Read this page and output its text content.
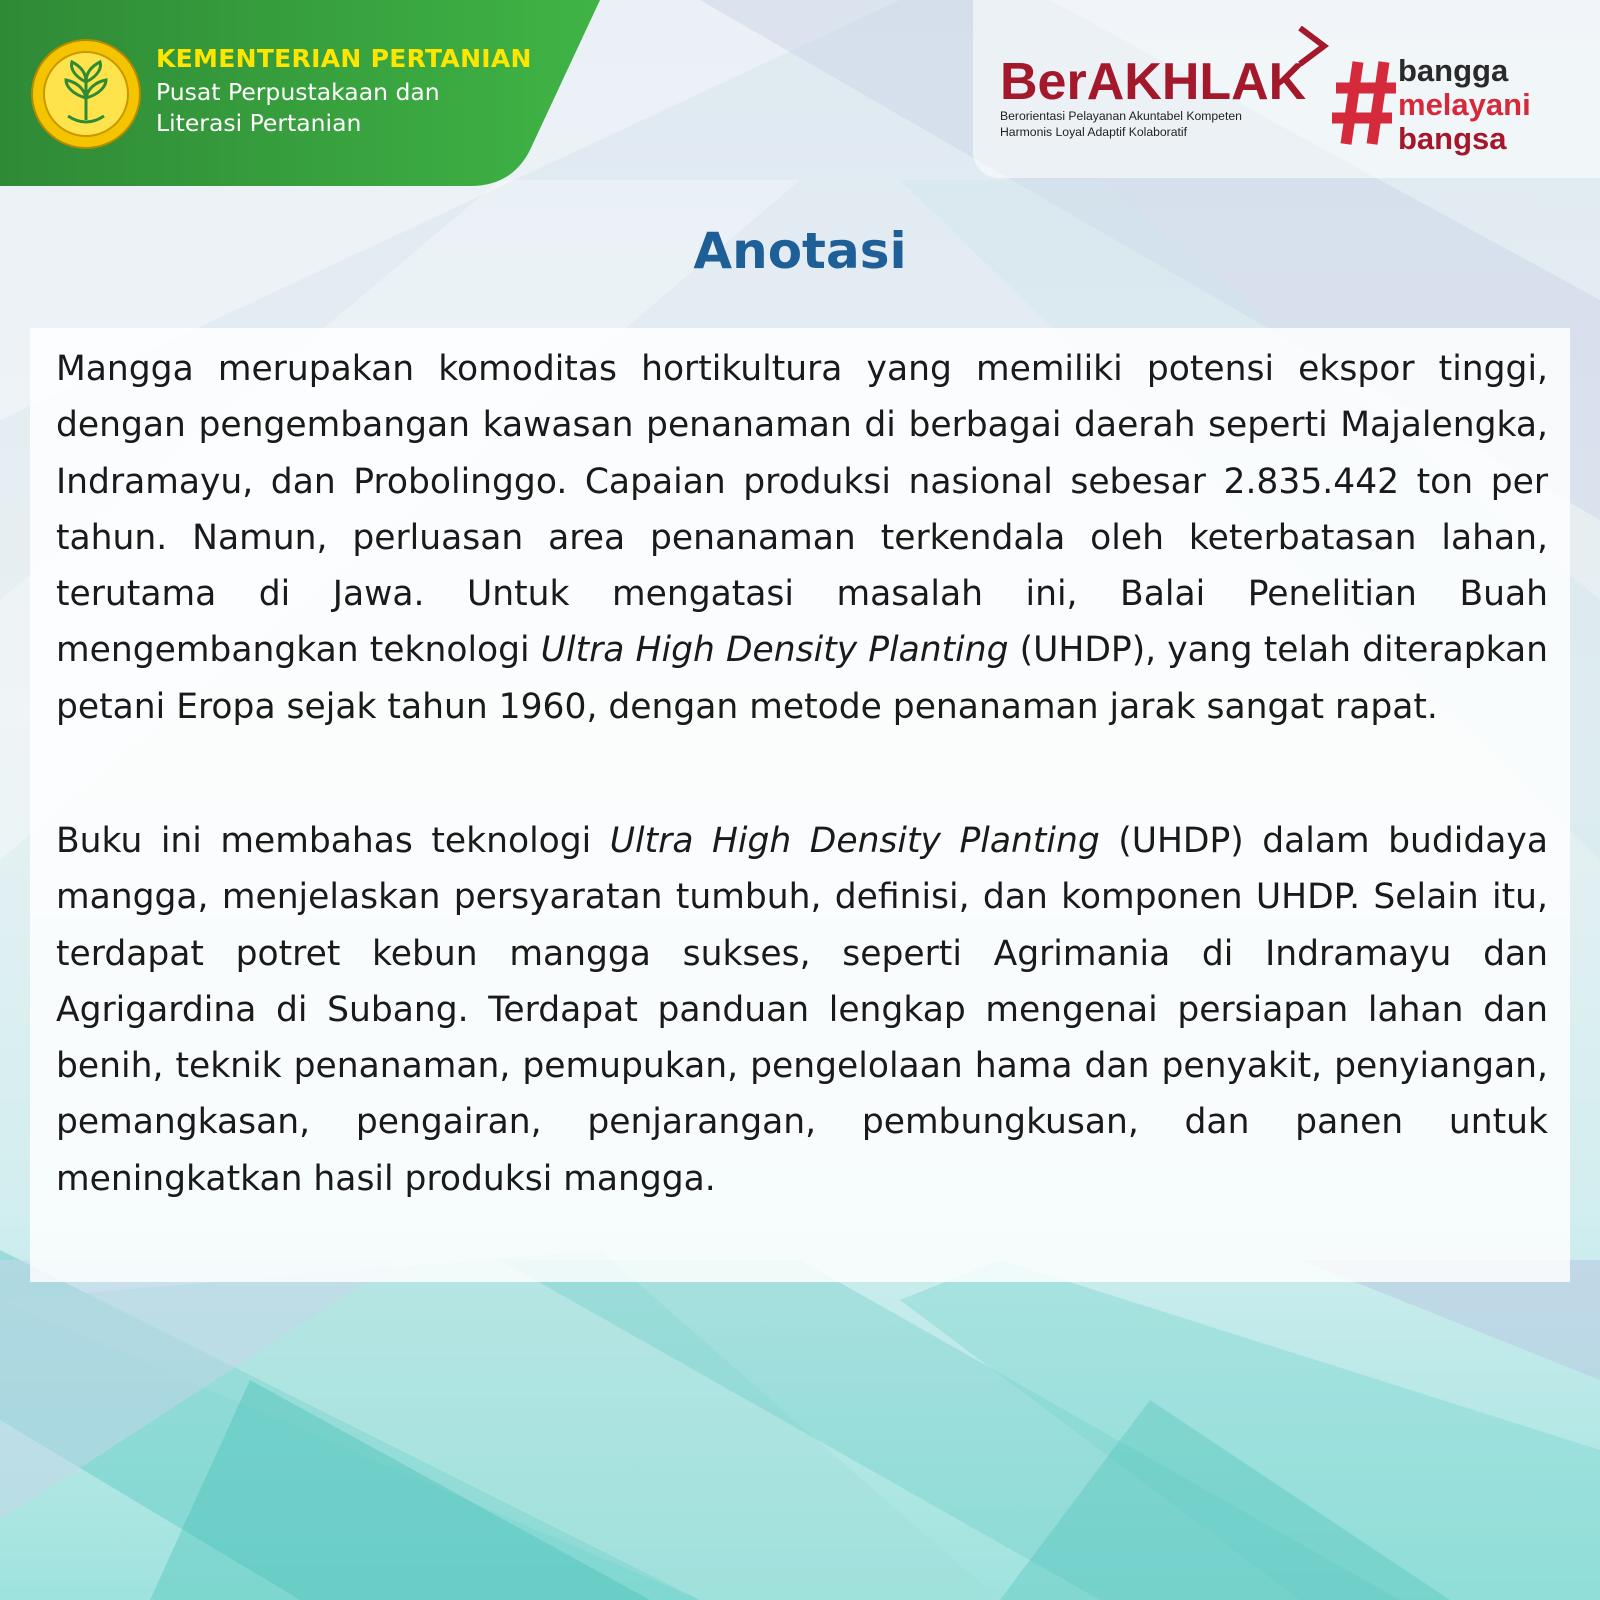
KEMENTERIAN PERTANIAN
Pusat Perpustakaan dan
Literasi Pertanian
BerAKHLAK
Berorientasi Pelayanan Akuntabel Kompeten
Harmonis Loyal Adaptif Kolaboratif
bangga
melayani
bangsa
Anotasi

Mangga merupakan komoditas hortikultura yang memiliki potensi ekspor tinggi, dengan pengembangan kawasan penanaman di berbagai daerah seperti Majalengka, Indramayu, dan Probolinggo. Capaian produksi nasional sebesar 2.835.442 ton per tahun. Namun, perluasan area penanaman terkendala oleh keterbatasan lahan, terutama di Jawa. Untuk mengatasi masalah ini, Balai Penelitian Buah mengembangkan teknologi Ultra High Density Planting (UHDP), yang telah diterapkan petani Eropa sejak tahun 1960, dengan metode penanaman jarak sangat rapat.

Buku ini membahas teknologi Ultra High Density Planting (UHDP) dalam budidaya mangga, menjelaskan persyaratan tumbuh, definisi, dan komponen UHDP. Selain itu, terdapat potret kebun mangga sukses, seperti Agrimania di Indramayu dan Agrigardina di Subang. Terdapat panduan lengkap mengenai persiapan lahan dan benih, teknik penanaman, pemupukan, pengelolaan hama dan penyakit, penyiangan, pemangkasan, pengairan, penjarangan, pembungkusan, dan panen untuk meningkatkan hasil produksi mangga.
